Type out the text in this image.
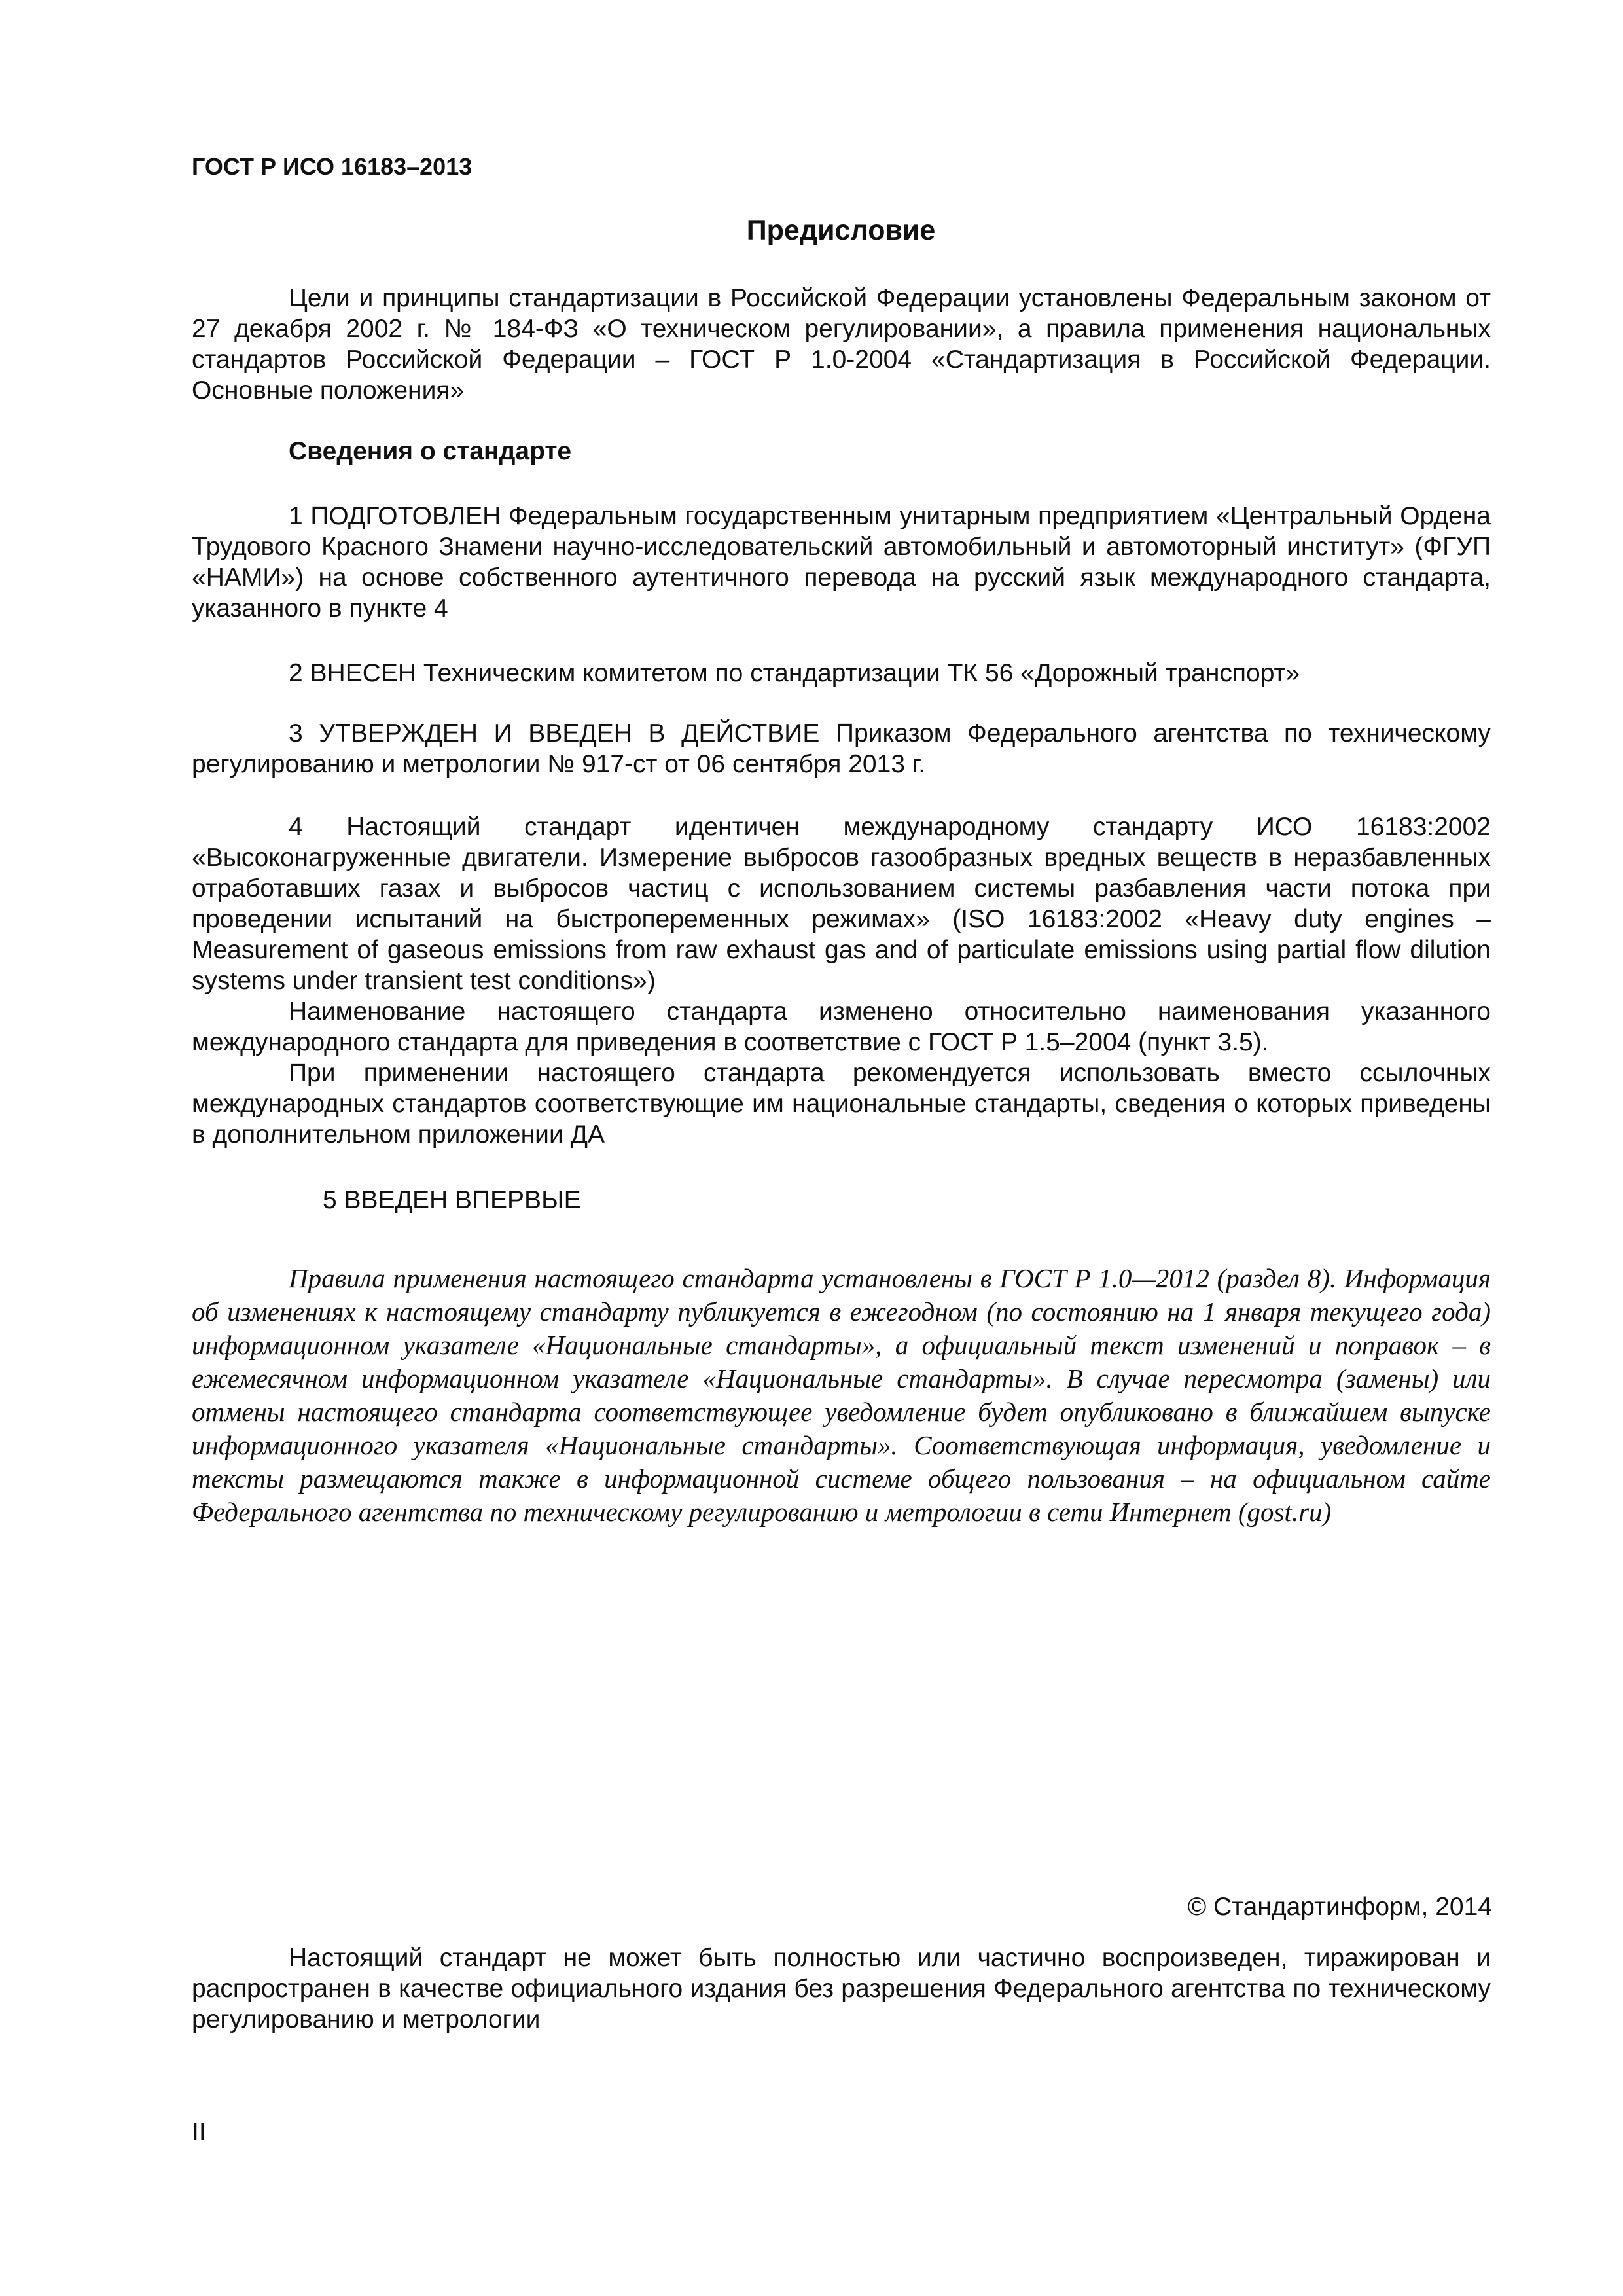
ГОСТ Р ИСО 16183–2013
Предисловие

Цели и принципы стандартизации в Российской Федерации установлены Федеральным законом от 27 декабря 2002 г. № 184-ФЗ «О техническом регулировании», а правила применения национальных стандартов Российской Федерации – ГОСТ Р 1.0-2004 «Стандартизация в Российской Федерации. Основные положения»

Сведения о стандарте

1 ПОДГОТОВЛЕН Федеральным государственным унитарным предприятием «Центральный Ордена Трудового Красного Знамени научно-исследовательский автомобильный и автомоторный институт» (ФГУП «НАМИ») на основе собственного аутентичного перевода на русский язык международного стандарта, указанного в пункте 4

2 ВНЕСЕН Техническим комитетом по стандартизации ТК 56 «Дорожный транспорт»

3 УТВЕРЖДЕН И ВВЕДЕН В ДЕЙСТВИЕ Приказом Федерального агентства по техническому регулированию и метрологии № 917-ст от 06 сентября 2013 г.

4 Настоящий стандарт идентичен международному стандарту ИСО 16183:2002 «Высоконагруженные двигатели. Измерение выбросов газообразных вредных веществ в неразбавленных отработавших газах и выбросов частиц с использованием системы разбавления части потока при проведении испытаний на быстропеременных режимах» (ISO 16183:2002 «Heavy duty engines – Measurement of gaseous emissions from raw exhaust gas and of particulate emissions using partial flow dilution systems under transient test conditions»)

Наименование настоящего стандарта изменено относительно наименования указанного международного стандарта для приведения в соответствие с ГОСТ Р 1.5–2004 (пункт 3.5).

При применении настоящего стандарта рекомендуется использовать вместо ссылочных международных стандартов соответствующие им национальные стандарты, сведения о которых приведены в дополнительном приложении ДА

5 ВВЕДЕН ВПЕРВЫЕ

Правила применения настоящего стандарта установлены в ГОСТ Р 1.0—2012 (раздел 8). Информация об изменениях к настоящему стандарту публикуется в ежегодном (по состоянию на 1 января текущего года) информационном указателе «Национальные стандарты», а официальный текст изменений и поправок – в ежемесячном информационном указателе «Национальные стандарты». В случае пересмотра (замены) или отмены настоящего стандарта соответствующее уведомление будет опубликовано в ближайшем выпуске информационного указателя «Национальные стандарты». Соответствующая информация, уведомление и тексты размещаются также в информационной системе общего пользования – на официальном сайте Федерального агентства по техническому регулированию и метрологии в сети Интернет (gost.ru)

© Стандартинформ, 2014

Настоящий стандарт не может быть полностью или частично воспроизведен, тиражирован и распространен в качестве официального издания без разрешения Федерального агентства по техническому регулированию и метрологии

II
